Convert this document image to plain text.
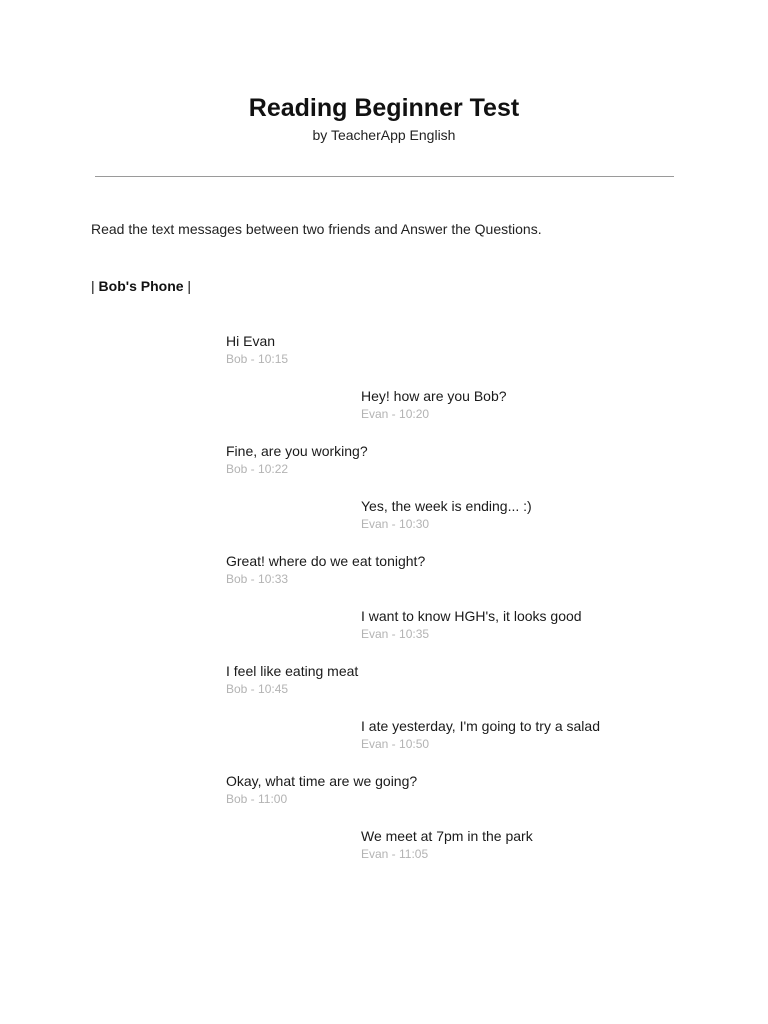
Reading Beginner Test

by TeacherApp English

Read the text messages between two friends and Answer the Questions.
| Bob's Phone |
Hi Evan
Bob - 10:15
Hey! how are you Bob?
Evan - 10:20
Fine, are you working?
Bob - 10:22
Yes, the week is ending... :)
Evan - 10:30
Great! where do we eat tonight?
Bob - 10:33
I want to know HGH's, it looks good
Evan - 10:35
I feel like eating meat
Bob - 10:45
I ate yesterday, I'm going to try a salad
Evan - 10:50
Okay, what time are we going?
Bob - 11:00
We meet at 7pm in the park
Evan - 11:05
